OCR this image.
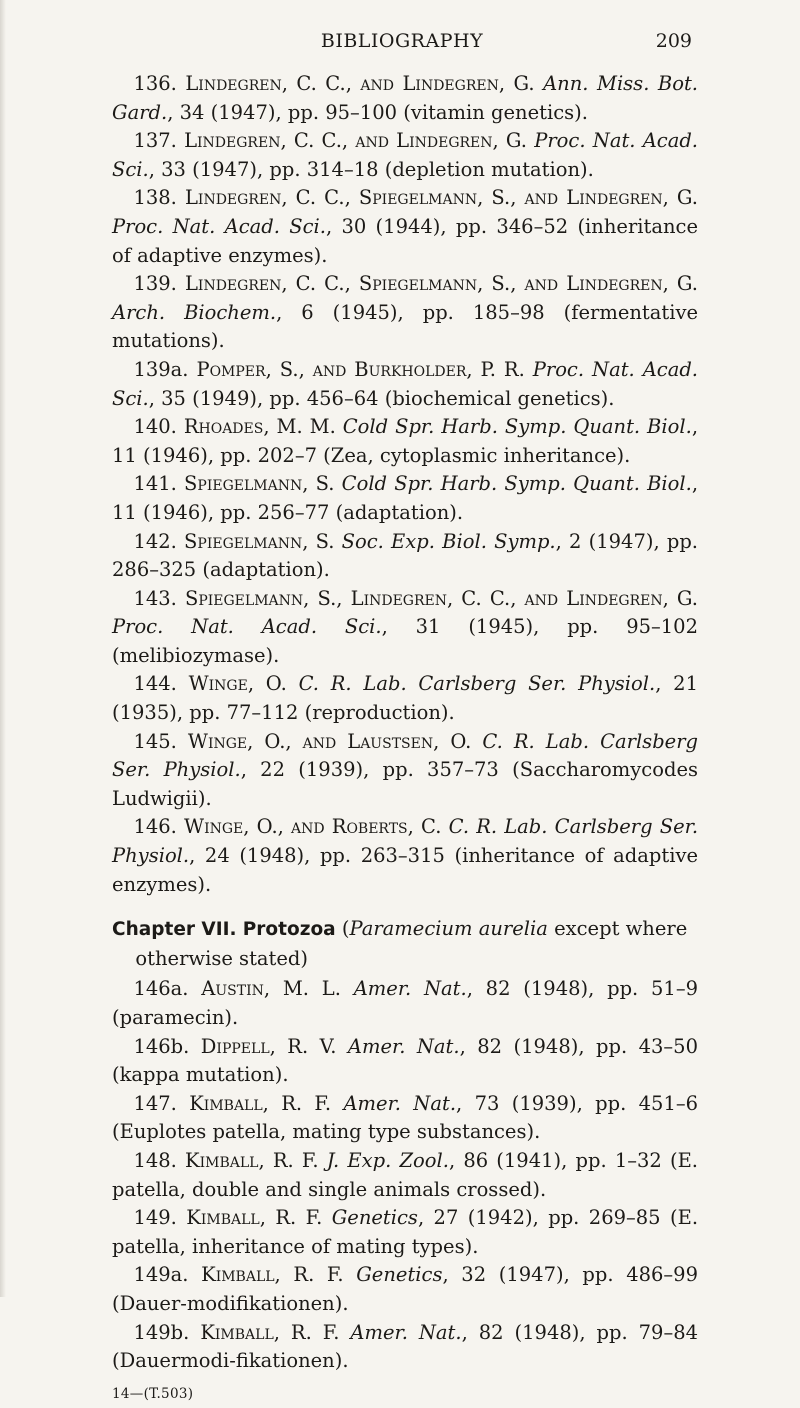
BIBLIOGRAPHY	209

136. Lindegren, C. C., and Lindegren, G. Ann. Miss. Bot. Gard., 34 (1947), pp. 95–100 (vitamin genetics).

137. Lindegren, C. C., and Lindegren, G. Proc. Nat. Acad. Sci., 33 (1947), pp. 314–18 (depletion mutation).

138. Lindegren, C. C., Spiegelmann, S., and Lindegren, G. Proc. Nat. Acad. Sci., 30 (1944), pp. 346–52 (inheritance of adaptive enzymes).

139. Lindegren, C. C., Spiegelmann, S., and Lindegren, G. Arch. Biochem., 6 (1945), pp. 185–98 (fermentative mutations).

139a. Pomper, S., and Burkholder, P. R. Proc. Nat. Acad. Sci., 35 (1949), pp. 456–64 (biochemical genetics).

140. Rhoades, M. M. Cold Spr. Harb. Symp. Quant. Biol., 11 (1946), pp. 202–7 (Zea, cytoplasmic inheritance).

141. Spiegelmann, S. Cold Spr. Harb. Symp. Quant. Biol., 11 (1946), pp. 256–77 (adaptation).

142. Spiegelmann, S. Soc. Exp. Biol. Symp., 2 (1947), pp. 286–325 (adaptation).

143. Spiegelmann, S., Lindegren, C. C., and Lindegren, G. Proc. Nat. Acad. Sci., 31 (1945), pp. 95–102 (melibiozymase).

144. Winge, O. C. R. Lab. Carlsberg Ser. Physiol., 21 (1935), pp. 77–112 (reproduction).

145. Winge, O., and Laustsen, O. C. R. Lab. Carlsberg Ser. Physiol., 22 (1939), pp. 357–73 (Saccharomycodes Ludwigii).

146. Winge, O., and Roberts, C. C. R. Lab. Carlsberg Ser. Physiol., 24 (1948), pp. 263–315 (inheritance of adaptive enzymes).

Chapter VII. Protozoa (Paramecium aurelia except where otherwise stated)

146a. Austin, M. L. Amer. Nat., 82 (1948), pp. 51–9 (paramecin).

146b. Dippell, R. V. Amer. Nat., 82 (1948), pp. 43–50 (kappa mutation).

147. Kimball, R. F. Amer. Nat., 73 (1939), pp. 451–6 (Euplotes patella, mating type substances).

148. Kimball, R. F. J. Exp. Zool., 86 (1941), pp. 1–32 (E. patella, double and single animals crossed).

149. Kimball, R. F. Genetics, 27 (1942), pp. 269–85 (E. patella, inheritance of mating types).

149a. Kimball, R. F. Genetics, 32 (1947), pp. 486–99 (Dauer-modifikationen).

149b. Kimball, R. F. Amer. Nat., 82 (1948), pp. 79–84 (Dauermodi-fikationen).

14—(T.503)
